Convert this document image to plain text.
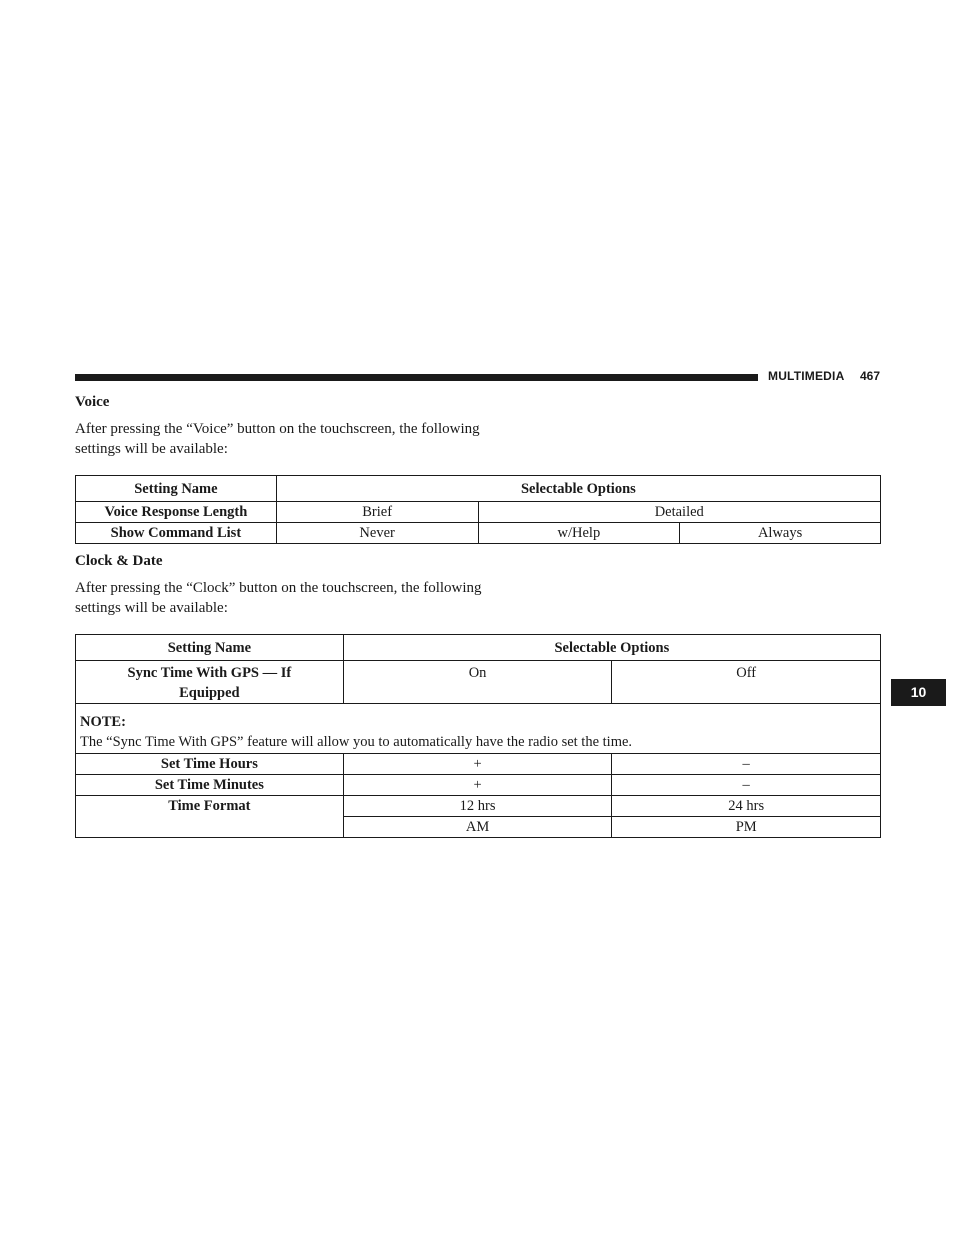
MULTIMEDIA 467
Voice
After pressing the “Voice” button on the touchscreen, the following settings will be available:
Setting Name	Selectable Options		
Voice Response Length	Brief	Detailed	
Show Command List	Never	w/Help	Always
Clock & Date
After pressing the “Clock” button on the touchscreen, the following settings will be available:
Setting Name	Selectable Options	
Sync Time With GPS — If Equipped	On	Off

NOTE:
The “Sync Time With GPS” feature will allow you to automatically have the radio set the time.		
Set Time Hours	+	–
Set Time Minutes	+	–
Time Format	12 hrs	24 hrs
	AM	PM
10
